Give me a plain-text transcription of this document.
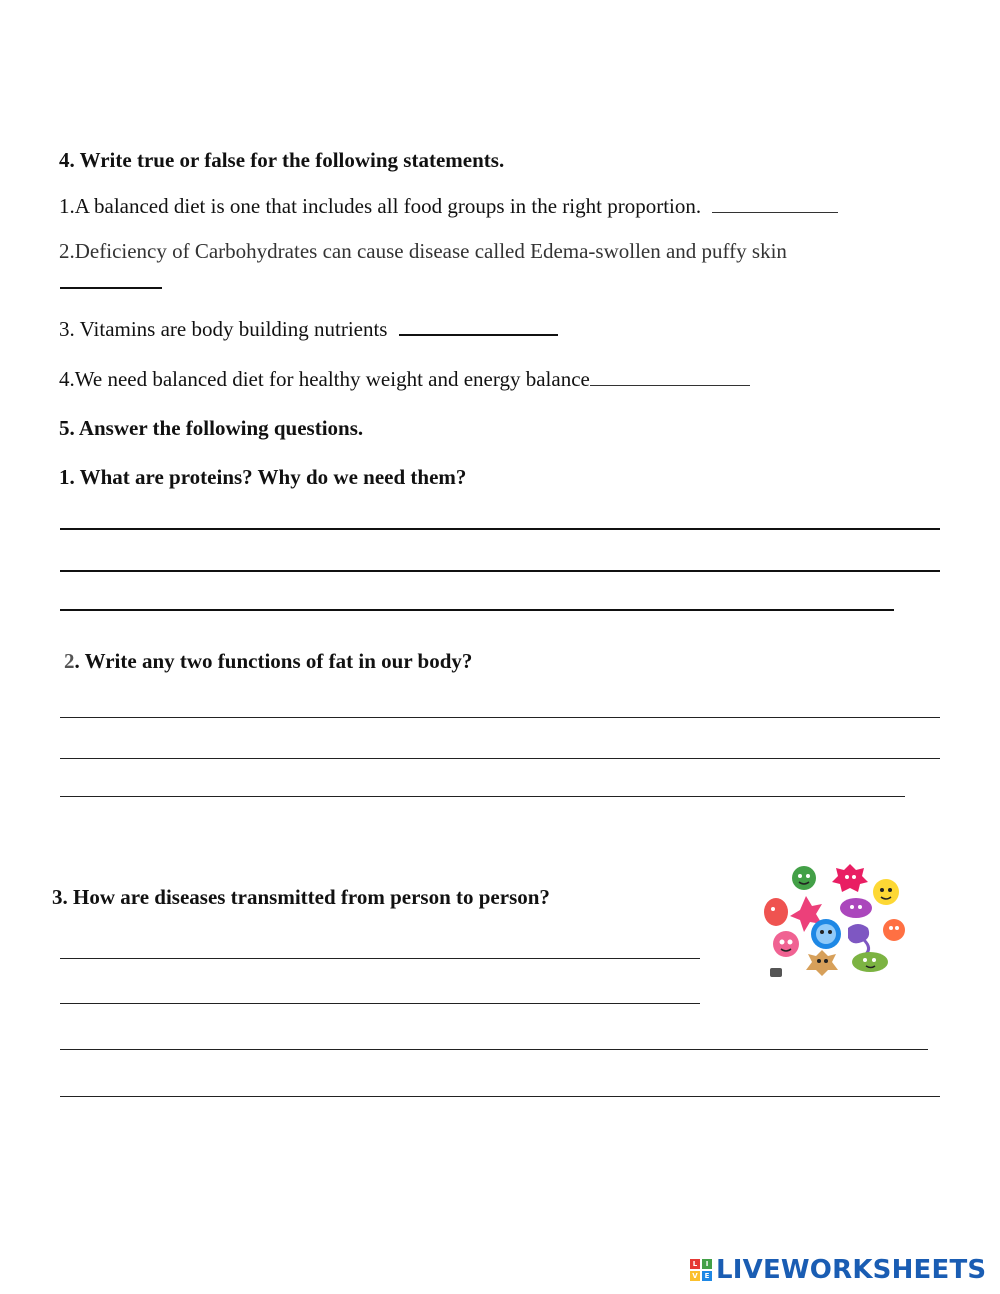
4. Write true or false for the following statements.
1.A balanced diet is one that includes all food groups in the right proportion.
2.Deficiency of Carbohydrates can cause disease called Edema-swollen and puffy skin
3. Vitamins are body building nutrients
4.We need balanced diet for healthy weight and energy balance
5. Answer the following questions.
1. What are proteins? Why do we need them?
2. Write any two functions of fat in our body?
3. How are diseases transmitted from person to person?
L	I
V E LIVEWORKSHEETS
